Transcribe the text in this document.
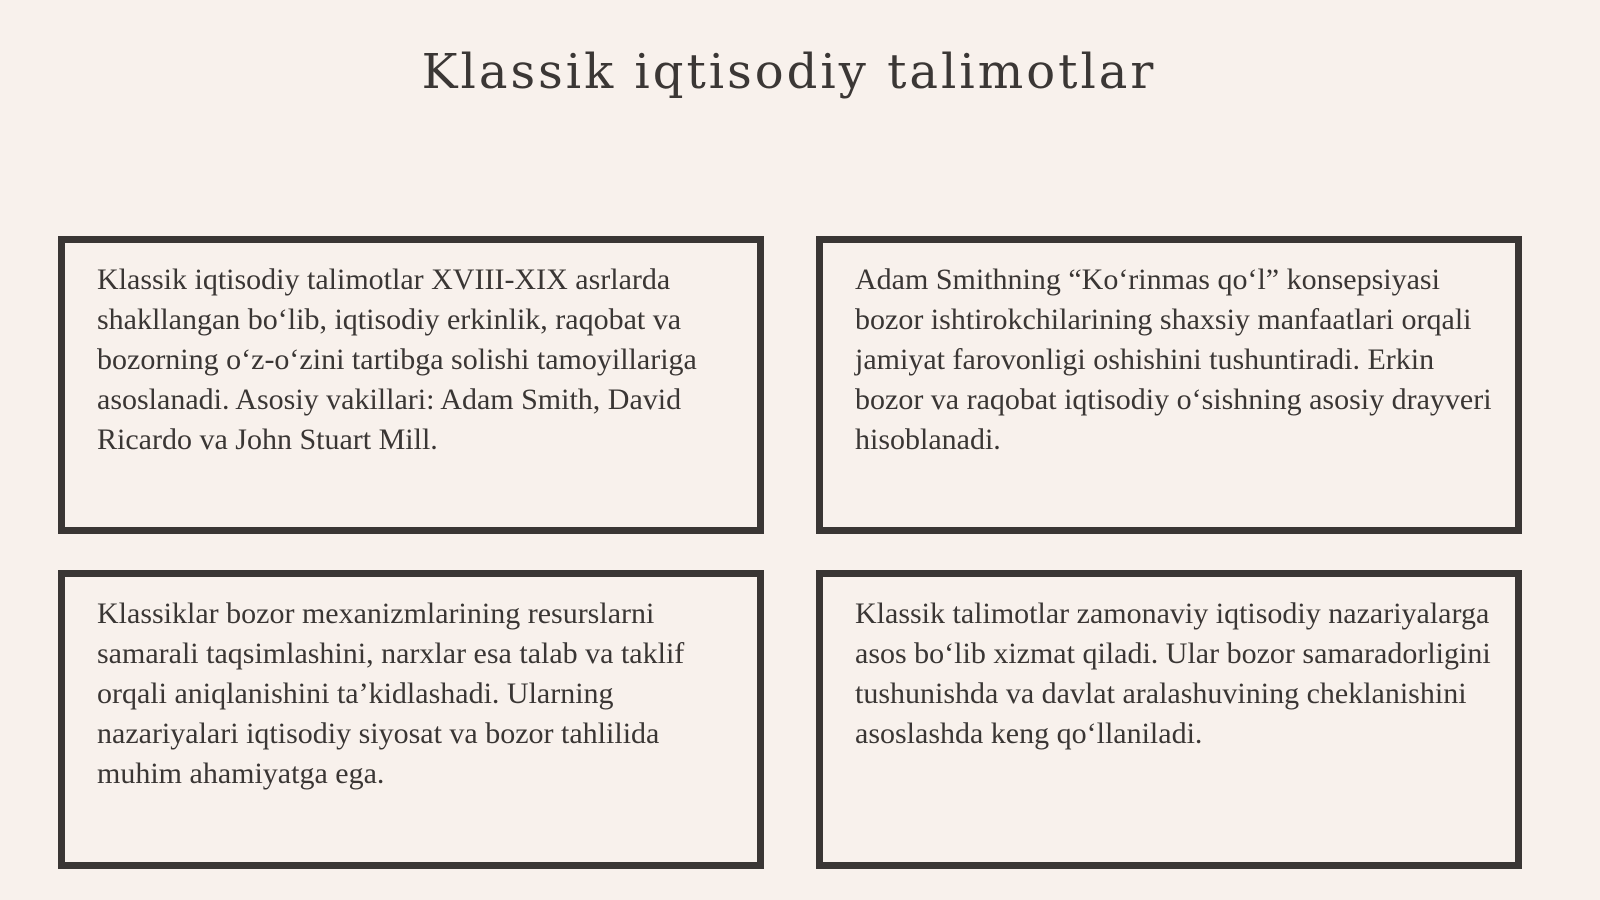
Klassik iqtisodiy talimotlar

Klassik iqtisodiy talimotlar XVIII-XIX asrlarda shakllangan bo‘lib, iqtisodiy erkinlik, raqobat va bozorning o‘z-o‘zini tartibga solishi tamoyillariga asoslanadi. Asosiy vakillari: Adam Smith, David Ricardo va John Stuart Mill.

Adam Smithning “Ko‘rinmas qo‘l” konsepsiyasi bozor ishtirokchilarining shaxsiy manfaatlari orqali jamiyat farovonligi oshishini tushuntiradi. Erkin bozor va raqobat iqtisodiy o‘sishning asosiy drayveri hisoblanadi.

Klassiklar bozor mexanizmlarining resurslarni samarali taqsimlashini, narxlar esa talab va taklif orqali aniqlanishini ta’kidlashadi. Ularning nazariyalari iqtisodiy siyosat va bozor tahlilida muhim ahamiyatga ega.

Klassik talimotlar zamonaviy iqtisodiy nazariyalarga asos bo‘lib xizmat qiladi. Ular bozor samaradorligini tushunishda va davlat aralashuvining cheklanishini asoslashda keng qo‘llaniladi.
